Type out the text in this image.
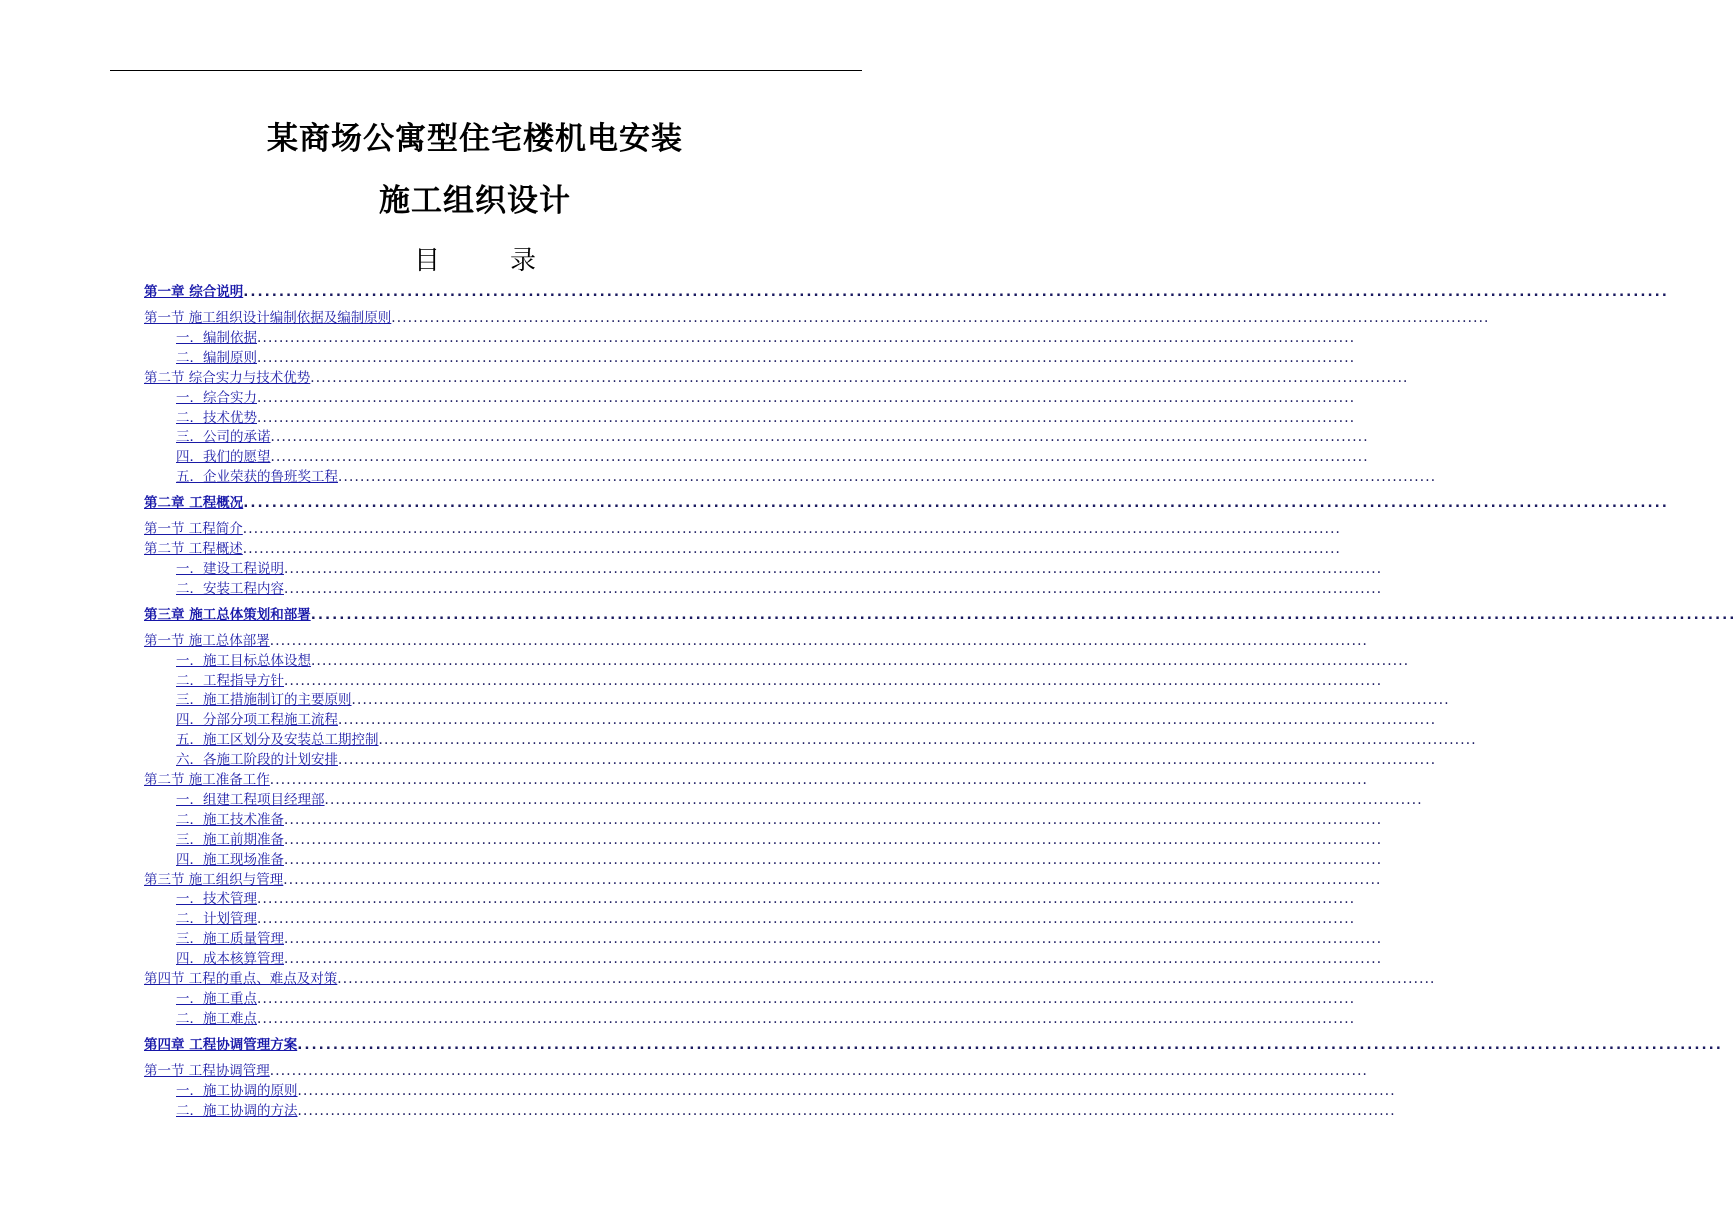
某商场公寓型住宅楼机电安装
施工组织设计
目	录
第一章 综合说明 ........................................................................................................................................................................................................
第一节 施工组织设计编制依据及编制原则 ........................................................................................................................................................................................................
一．编制依据 ........................................................................................................................................................................................................
二．编制原则 ........................................................................................................................................................................................................
第二节 综合实力与技术优势 ........................................................................................................................................................................................................
一．综合实力 ........................................................................................................................................................................................................
二．技术优势 ........................................................................................................................................................................................................
三．公司的承诺 ........................................................................................................................................................................................................
四．我们的愿望 ........................................................................................................................................................................................................
五．企业荣获的鲁班奖工程 ........................................................................................................................................................................................................
第二章 工程概况 ........................................................................................................................................................................................................
第一节 工程简介 ........................................................................................................................................................................................................
第二节 工程概述 ........................................................................................................................................................................................................
一．建设工程说明 ........................................................................................................................................................................................................
二．安装工程内容 ........................................................................................................................................................................................................
第三章 施工总体策划和部署 ........................................................................................................................................................................................................
第一节 施工总体部署 ........................................................................................................................................................................................................
一．施工目标总体设想 ........................................................................................................................................................................................................
二．工程指导方针 ........................................................................................................................................................................................................
三．施工措施制订的主要原则 ........................................................................................................................................................................................................
四．分部分项工程施工流程 ........................................................................................................................................................................................................
五．施工区划分及安装总工期控制 ........................................................................................................................................................................................................
六．各施工阶段的计划安排 ........................................................................................................................................................................................................
第二节 施工准备工作 ........................................................................................................................................................................................................
一．组建工程项目经理部 ........................................................................................................................................................................................................
二．施工技术准备 ........................................................................................................................................................................................................
三．施工前期准备 ........................................................................................................................................................................................................
四．施工现场准备 ........................................................................................................................................................................................................
第三节 施工组织与管理 ........................................................................................................................................................................................................
一．技术管理 ........................................................................................................................................................................................................
二．计划管理 ........................................................................................................................................................................................................
三．施工质量管理 ........................................................................................................................................................................................................
四．成本核算管理 ........................................................................................................................................................................................................
第四节 工程的重点、难点及对策 ........................................................................................................................................................................................................
一．施工重点 ........................................................................................................................................................................................................
二．施工难点 ........................................................................................................................................................................................................
第四章 工程协调管理方案 ........................................................................................................................................................................................................
第一节 工程协调管理 ........................................................................................................................................................................................................
一．施工协调的原则 ........................................................................................................................................................................................................
二．施工协调的方法 ........................................................................................................................................................................................................
